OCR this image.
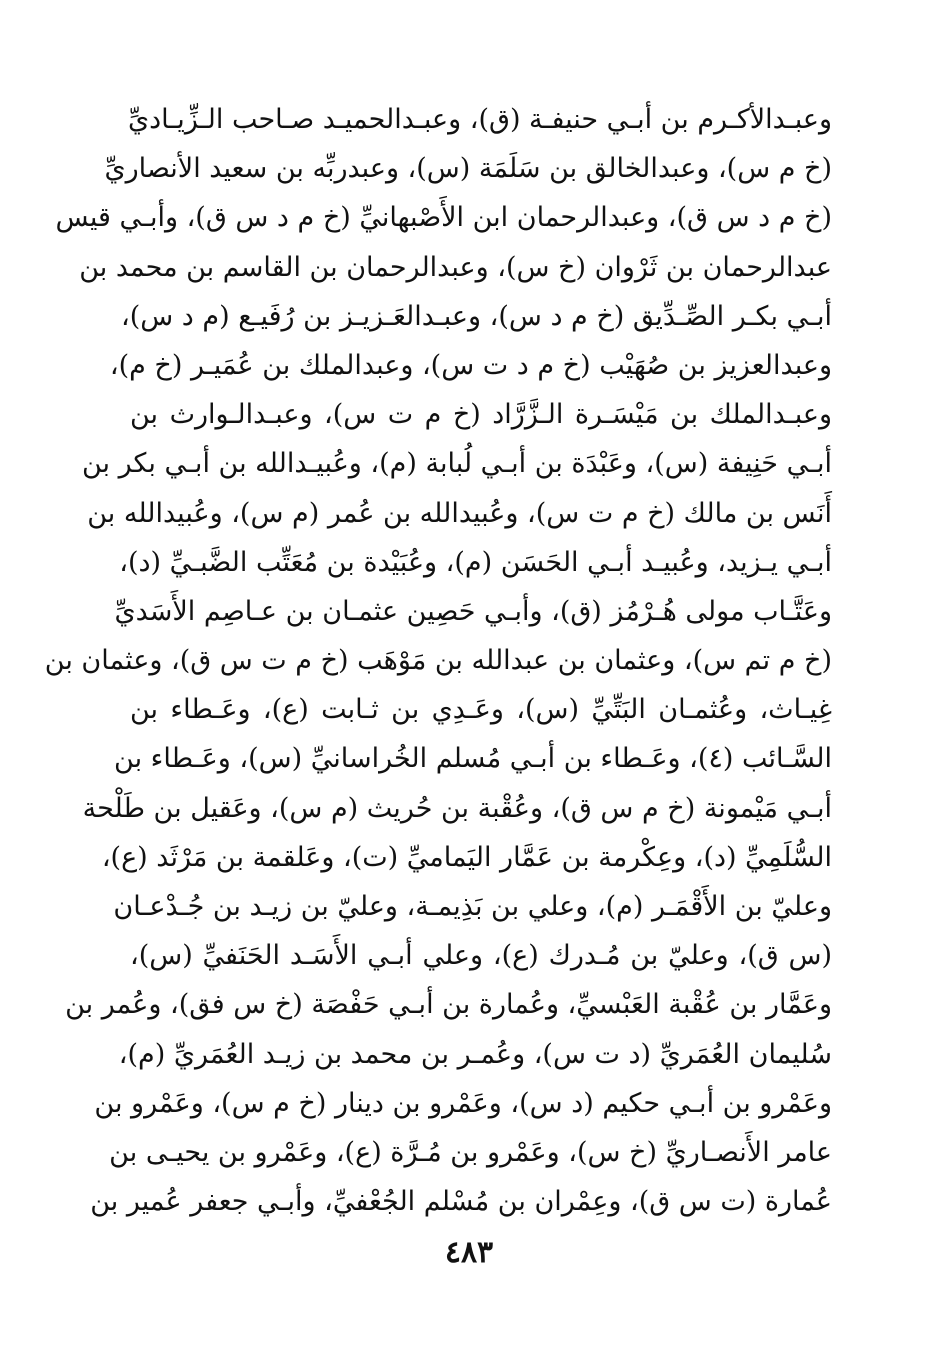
وعبـدالأكـرم بن أبـي حنيفـة (ق)، وعبـدالحميـد صـاحب الـزِّيـاديِّ
(خ م س)، وعبدالخالق بن سَلَمَة (س)، وعبدربِّه بن سعيد الأنصاريِّ
(خ م د س ق)، وعبدالرحمان ابن الأَصْبهانيِّ (خ م د س ق)، وأبـي قيس
عبدالرحمان بن ثَرْوان (خ س)، وعبدالرحمان بن القاسم بن محمد بن
أبـي بكـر الصِّـدِّيق (خ م د س)، وعبـدالعَـزيـز بن رُفَيـع (م د س)،
وعبدالعزيز بن صُهَيْب (خ م د ت س)، وعبدالملك بن عُمَيـر (خ م)،
وعبـدالملك بن مَيْسَـرة الـزَّرَّاد (خ م ت س)، وعبـدالـوارث بن
أبـي حَنِيفة (س)، وعَبْدَة بن أبـي لُبابة (م)، وعُبيـدالله بن أبـي بكر بن
أَنَس بن مالك (خ م ت س)، وعُبيدالله بن عُمر (م س)، وعُبيدالله بن
أبـي يـزيد، وعُبيـد أبـي الحَسَن (م)، وعُبَيْدة بن مُعَتِّب الضَّبـيِّ (د)،
وعَتَّـاب مولى هُـرْمُز (ق)، وأبـي حَصِين عثمـان بن عـاصِم الأَسَديِّ
(خ م تم س)، وعثمان بن عبدالله بن مَوْهَب (خ م ت س ق)، وعثمان بن
غِيـاث، وعُثمـان البَتِّيِّ (س)، وعَـدِي بن ثـابت (ع)، وعَـطاء بن
السَّـائب (٤)، وعَـطاء بن أبـي مُسلم الخُراسانيِّ (س)، وعَـطاء بن
أبـي مَيْمونة (خ م س ق)، وعُقْبة بن حُريث (م س)، وعَقيل بن طَلْحة
السُّلَمِيِّ (د)، وعِكْرمة بن عَمَّار اليَماميِّ (ت)، وعَلقمة بن مَرْثَد (ع)،
وعليّ بن الأَقْمَـر (م)، وعلي بن بَذِيمـة، وعليّ بن زيـد بن جُـدْعـان
(س ق)، وعليّ بن مُـدرك (ع)، وعلي أبـي الأَسَـد الحَنَفيِّ (س)،
وعَمَّار بن عُقْبة العَبْسيِّ، وعُمارة بن أبـي حَفْصَة (خ س فق)، وعُمر بن
سُليمان العُمَريِّ (د ت س)، وعُمـر بن محمد بن زيـد العُمَريِّ (م)،
وعَمْرو بن أبـي حكيم (د س)، وعَمْرو بن دينار (خ م س)، وعَمْرو بن
عامر الأَنصـاريِّ (خ س)، وعَمْرو بن مُـرَّة (ع)، وعَمْرو بن يحيـى بن
عُمارة (ت س ق)، وعِمْران بن مُسْلم الجُعْفيِّ، وأبـي جعفر عُمير بن
٤٨٣
